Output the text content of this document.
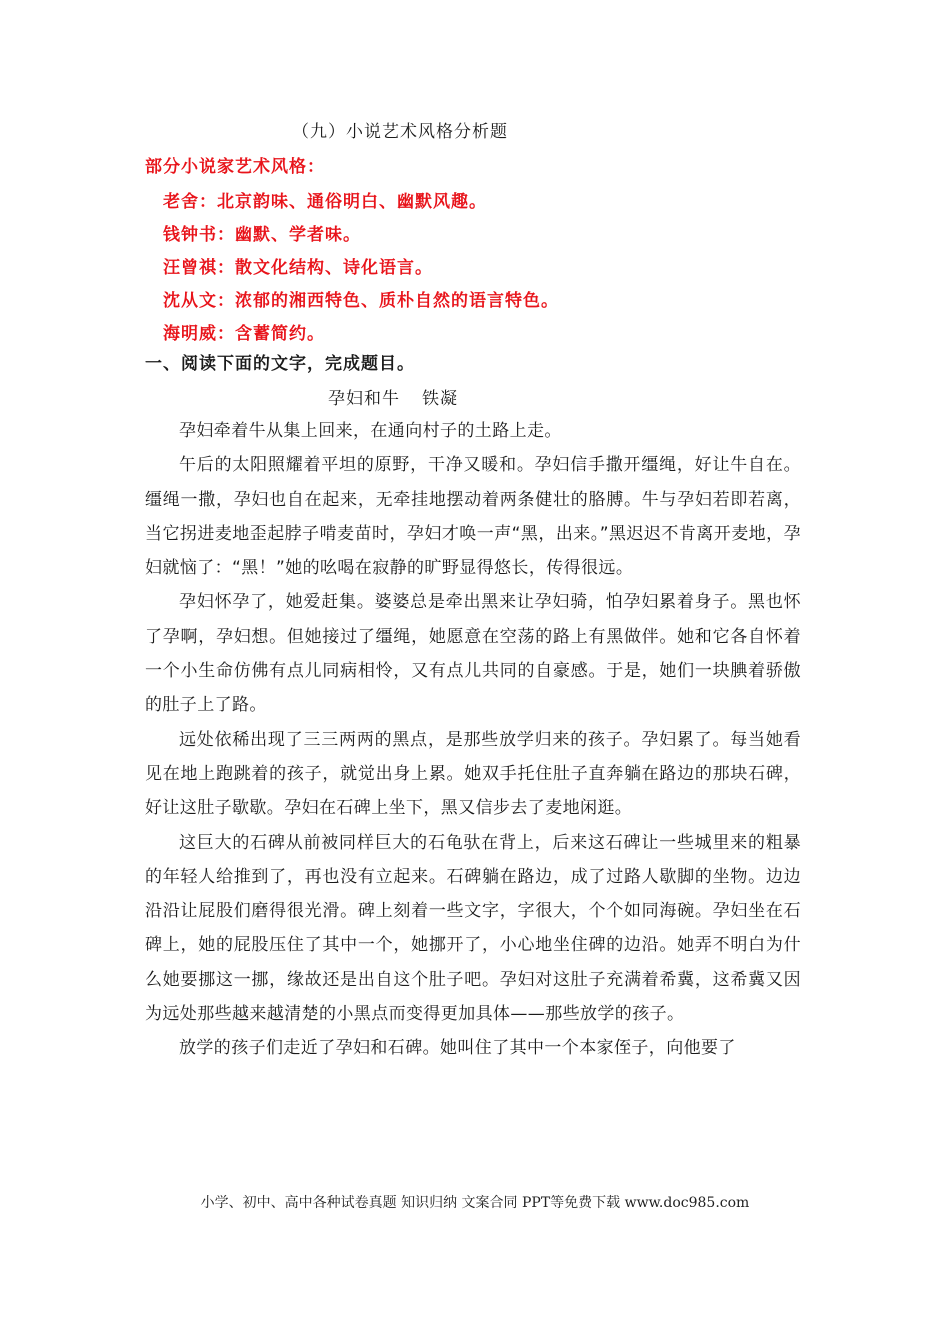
（九）小说艺术风格分析题
部分小说家艺术风格：
老舍：北京韵味、通俗明白、幽默风趣。
钱钟书：幽默、学者味。
汪曾祺：散文化结构、诗化语言。
沈从文：浓郁的湘西特色、质朴自然的语言特色。
海明威：含蓄简约。
一、阅读下面的文字，完成题目。
孕妇和牛 铁凝

孕妇牵着牛从集上回来，在通向村子的土路上走。

午后的太阳照耀着平坦的原野，干净又暖和。孕妇信手撒开缰绳，好让牛自在。缰绳一撒，孕妇也自在起来，无牵挂地摆动着两条健壮的胳膊。牛与孕妇若即若离，当它拐进麦地歪起脖子啃麦苗时，孕妇才唤一声“黑，出来。”黑迟迟不肯离开麦地，孕妇就恼了：“黑！”她的吆喝在寂静的旷野显得悠长，传得很远。

孕妇怀孕了，她爱赶集。婆婆总是牵出黑来让孕妇骑，怕孕妇累着身子。黑也怀了孕啊，孕妇想。但她接过了缰绳，她愿意在空荡的路上有黑做伴。她和它各自怀着一个小生命仿佛有点儿同病相怜，又有点儿共同的自豪感。于是，她们一块腆着骄傲的肚子上了路。

远处依稀出现了三三两两的黑点，是那些放学归来的孩子。孕妇累了。每当她看见在地上跑跳着的孩子，就觉出身上累。她双手托住肚子直奔躺在路边的那块石碑，好让这肚子歇歇。孕妇在石碑上坐下，黑又信步去了麦地闲逛。

这巨大的石碑从前被同样巨大的石龟驮在背上，后来这石碑让一些城里来的粗暴的年轻人给推到了，再也没有立起来。石碑躺在路边，成了过路人歇脚的坐物。边边沿沿让屁股们磨得很光滑。碑上刻着一些文字，字很大，个个如同海碗。孕妇坐在石碑上，她的屁股压住了其中一个，她挪开了，小心地坐住碑的边沿。她弄不明白为什么她要挪这一挪，缘故还是出自这个肚子吧。孕妇对这肚子充满着希冀，这希冀又因为远处那些越来越清楚的小黑点而变得更加具体——那些放学的孩子。

放学的孩子们走近了孕妇和石碑。她叫住了其中一个本家侄子，向他要了

小学、初中、高中各种试卷真题 知识归纳 文案合同 PPT等免费下载 www.doc985.com
